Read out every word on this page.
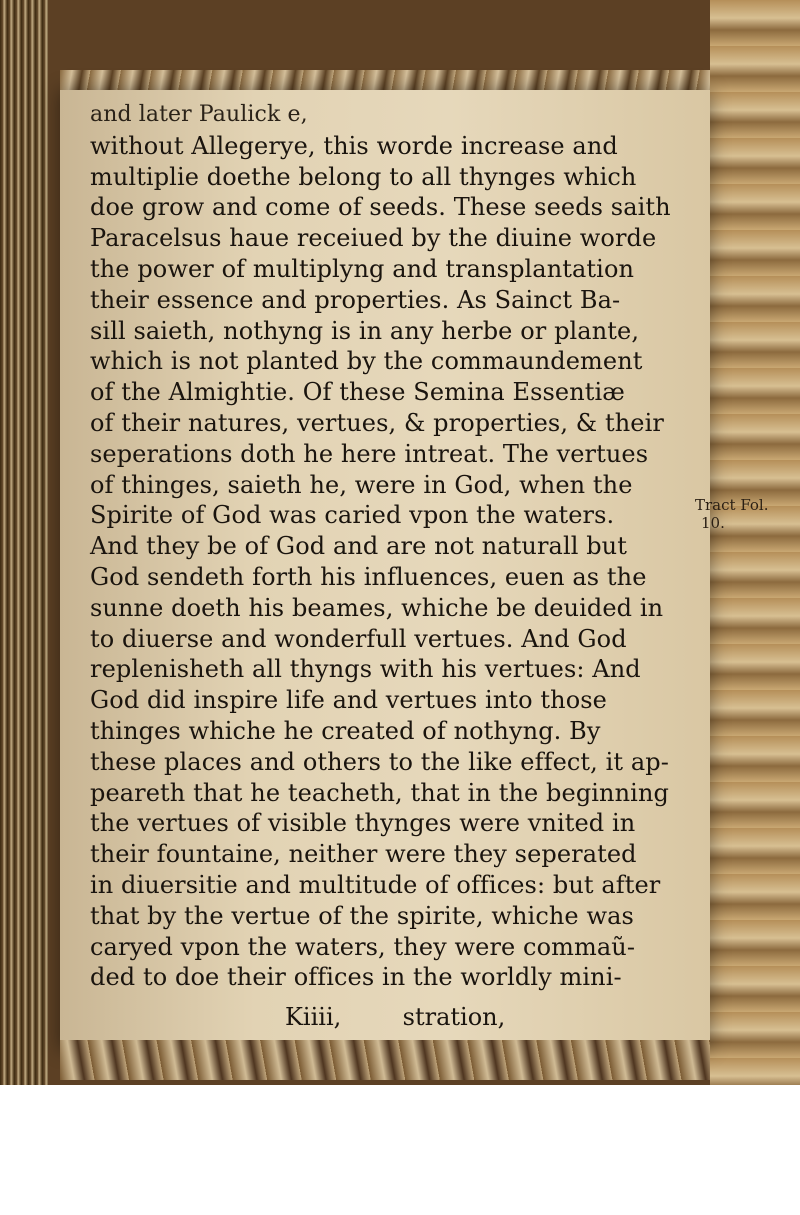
and later Paulick e,
without Allegerye, this worde increase and
multiplie doethe belong to all thynges which
doe grow and come of seeds. These seeds saith
Paracelsus haue receiued by the diuine worde
the power of multiplyng and transplantation
their essence and properties. As Sainct Ba-
sill saieth, nothyng is in any herbe or plante,
which is not planted by the commaundement
of the Almightie. Of these Semina Essentiæ
of their natures, vertues, & properties, & their
seperations doth he here intreat. The vertues
of thinges, saieth he, were in God, when the
Spirite of God was caried vpon the waters.
And they be of God and are not naturall but
God sendeth forth his influences, euen as the
sunne doeth his beames, whiche be deuided in
to diuerse and wonderfull vertues. And God
replenisheth all thyngs with his vertues: And
God did inspire life and vertues into those
thinges whiche he created of nothyng. By
these places and others to the like effect, it ap-
peareth that he teacheth, that in the beginning
the vertues of visible thynges were vnited in
their fountaine, neither were they seperated
in diuersitie and multitude of offices: but after
that by the vertue of the spirite, whiche was
caryed vpon the waters, they were commaũ-
ded to doe their offices in the worldly mini-
Tract Fol.
10.
Kiiii,	stration,
